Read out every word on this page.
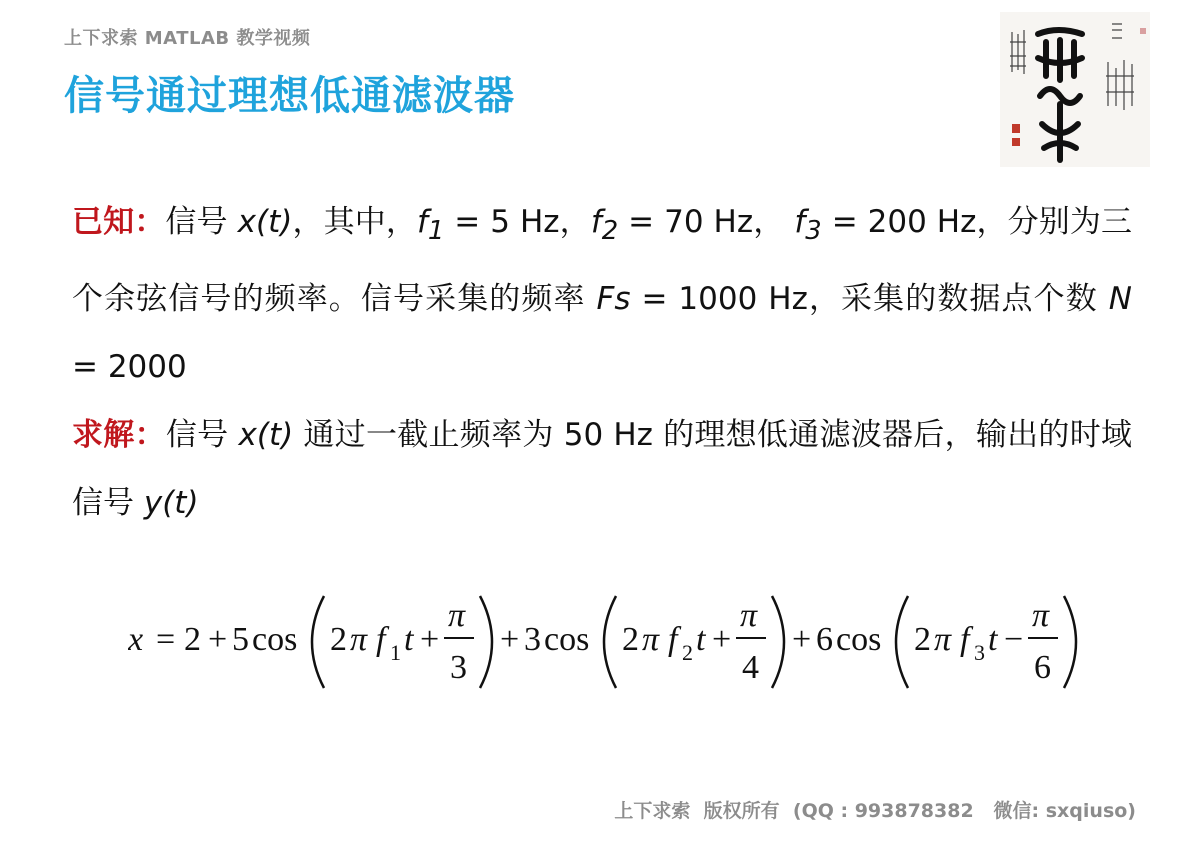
上下求索 MATLAB 教学视频
信号通过理想低通滤波器

已知：信号 x(t)，其中，$f_1 = 5$ Hz，$f_2 = 70$ Hz， $f_3 = 200$ Hz，分别为三个余弦信号的频率。信号采集的频率 Fs = 1000 Hz，采集的数据点个数 N = 2000

求解：信号 x(t) 通过一截止频率为 50 Hz 的理想低通滤波器后，输出的时域信号 y(t)

x = 2 + 5 cos 2 π f 1 t +
π
3
+ 3 cos 2 π f 2 t +
π
4
+ 6 cos 2 π f 3 t −
π
6
上下求索  版权所有  (QQ : 993878382   微信: sxqiuso)
